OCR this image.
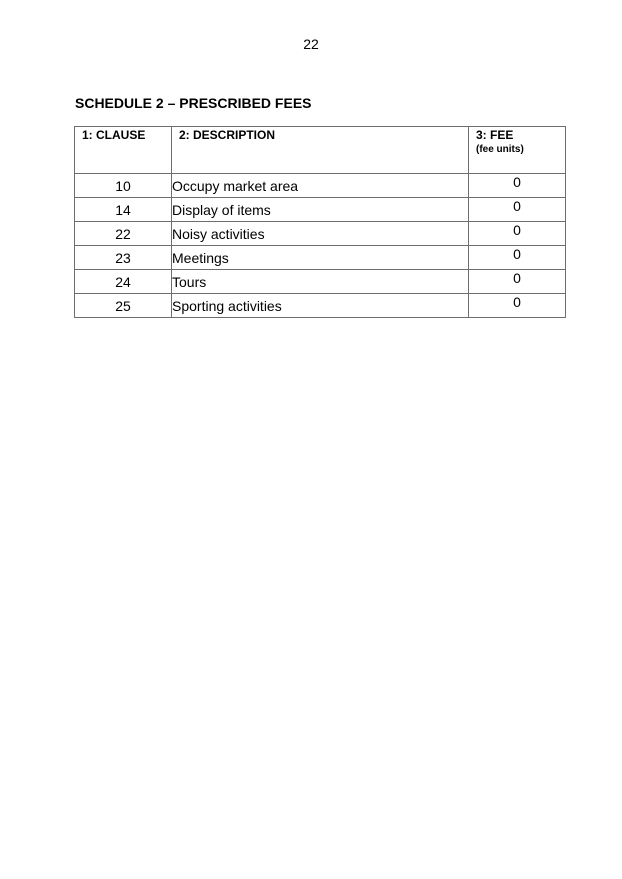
22
SCHEDULE 2 – PRESCRIBED FEES
1: CLAUSE	2: DESCRIPTION	3: FEE
(fee units)

10	Occupy market area	0
14	Display of items	0
22	Noisy activities	0
23	Meetings	0
24	Tours	0
25	Sporting activities	0
